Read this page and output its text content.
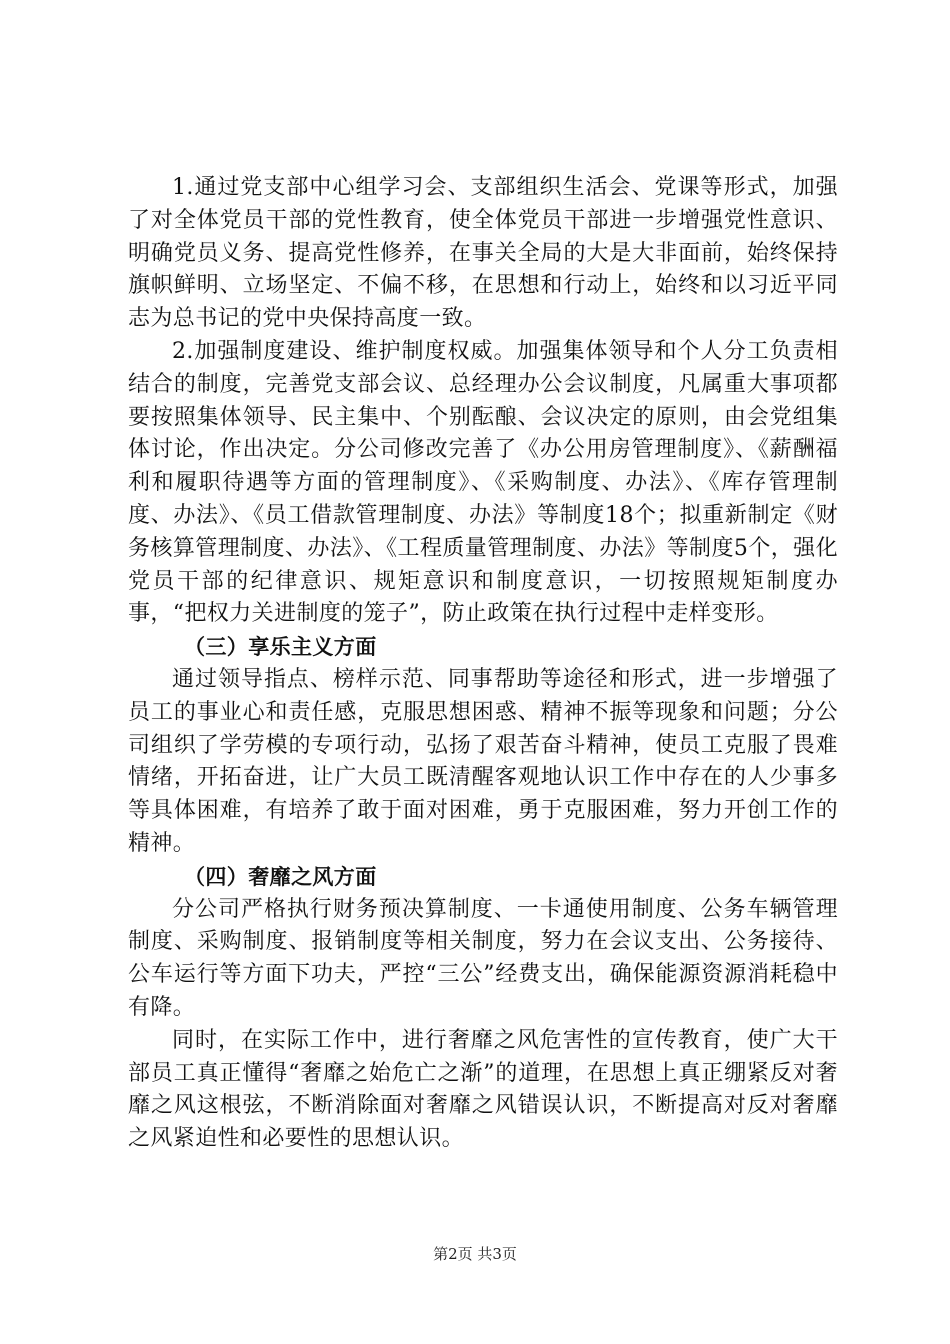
1.通过党支部中心组学习会、支部组织生活会、党课等形式，加强了对全体党员干部的党性教育，使全体党员干部进一步增强党性意识、明确党员义务、提高党性修养，在事关全局的大是大非面前，始终保持旗帜鲜明、立场坚定、不偏不移，在思想和行动上，始终和以习近平同志为总书记的党中央保持高度一致。

2.加强制度建设、维护制度权威。加强集体领导和个人分工负责相结合的制度，完善党支部会议、总经理办公会议制度，凡属重大事项都要按照集体领导、民主集中、个别酝酿、会议决定的原则，由会党组集体讨论，作出决定。分公司修改完善了《办公用房管理制度》、《薪酬福利和履职待遇等方面的管理制度》、《采购制度、办法》、《库存管理制度、办法》、《员工借款管理制度、办法》等制度18个；拟重新制定《财务核算管理制度、办法》、《工程质量管理制度、办法》等制度5个，强化党员干部的纪律意识、规矩意识和制度意识，一切按照规矩制度办事，“把权力关进制度的笼子”，防止政策在执行过程中走样变形。

（三）享乐主义方面

通过领导指点、榜样示范、同事帮助等途径和形式，进一步增强了员工的事业心和责任感，克服思想困惑、精神不振等现象和问题；分公司组织了学劳模的专项行动，弘扬了艰苦奋斗精神，使员工克服了畏难情绪，开拓奋进，让广大员工既清醒客观地认识工作中存在的人少事多等具体困难，有培养了敢于面对困难，勇于克服困难，努力开创工作的精神。

（四）奢靡之风方面

分公司严格执行财务预决算制度、一卡通使用制度、公务车辆管理制度、采购制度、报销制度等相关制度，努力在会议支出、公务接待、公车运行等方面下功夫，严控“三公”经费支出，确保能源资源消耗稳中有降。

同时，在实际工作中，进行奢靡之风危害性的宣传教育，使广大干部员工真正懂得“奢靡之始危亡之渐”的道理，在思想上真正绷紧反对奢靡之风这根弦，不断消除面对奢靡之风错误认识，不断提高对反对奢靡之风紧迫性和必要性的思想认识。

第2页 共3页
